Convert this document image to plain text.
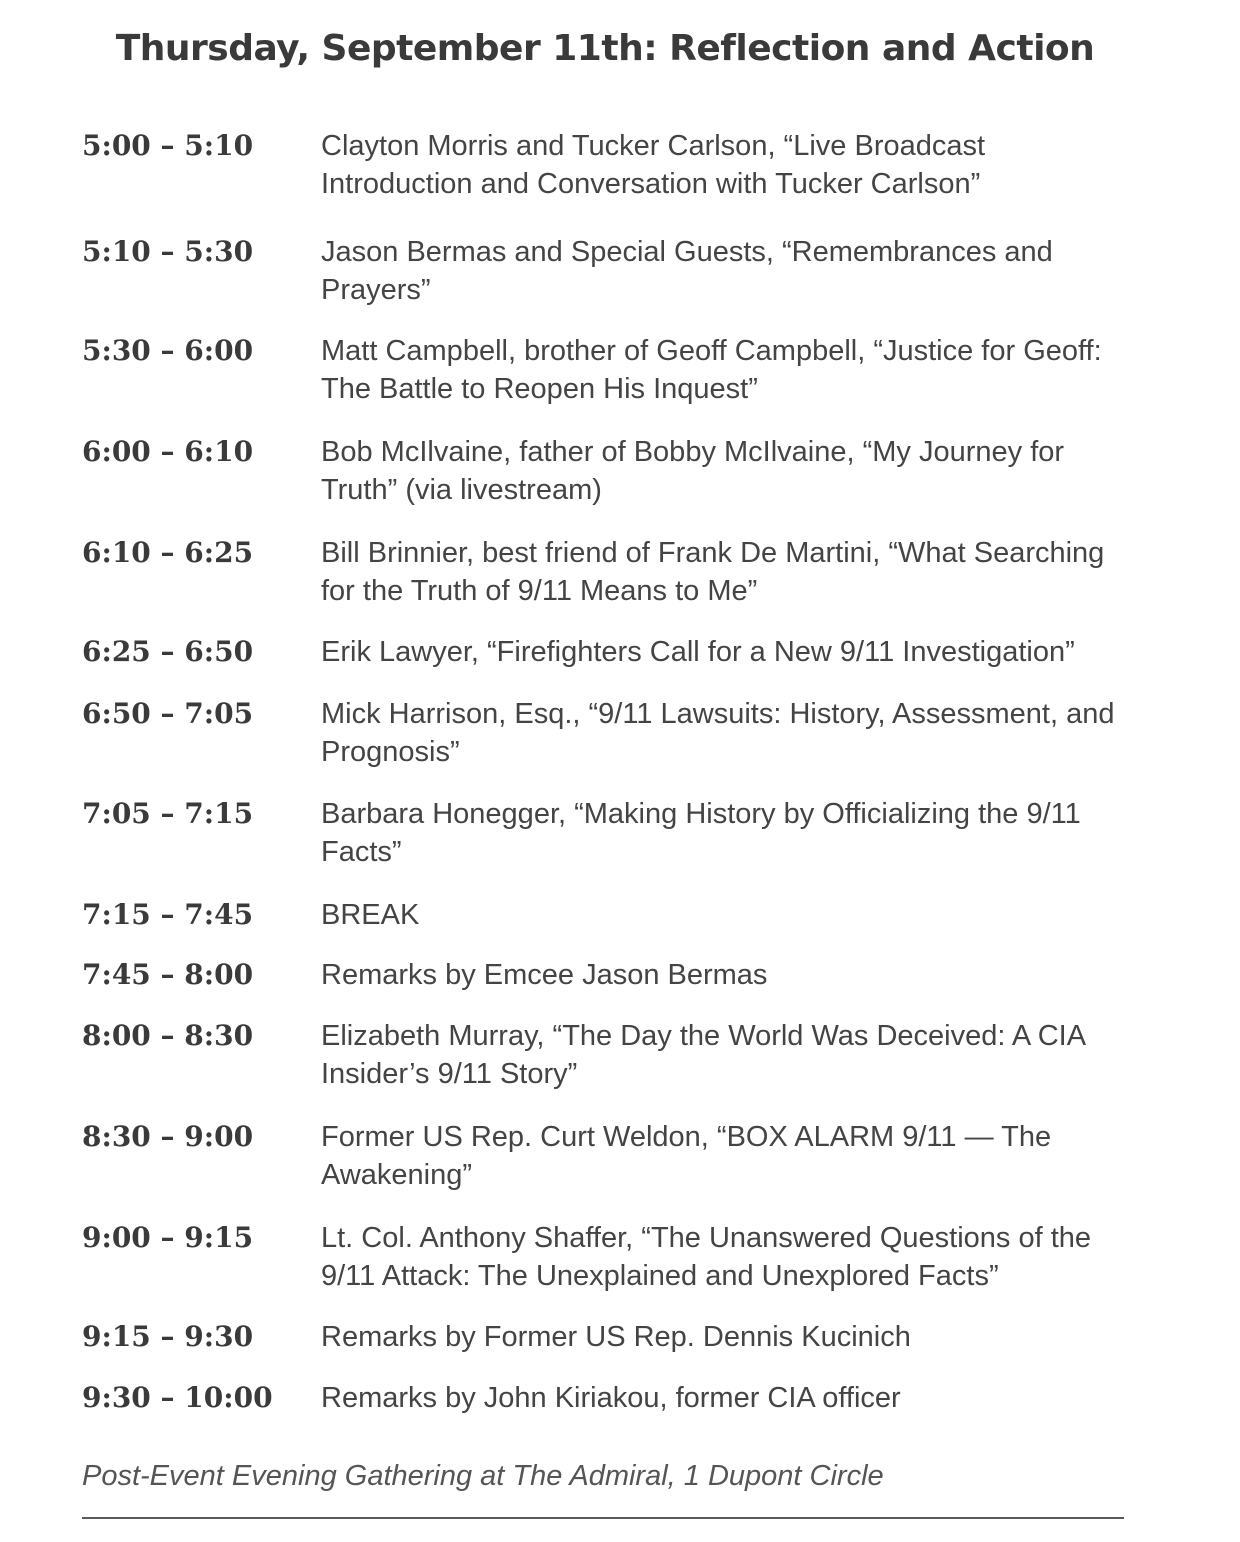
Thursday, September 11th: Reflection and Action
5:00 – 5:10	Clayton Morris and Tucker Carlson, “Live Broadcast Introduction and Conversation with Tucker Carlson”
5:10 – 5:30	Jason Bermas and Special Guests, “Remembrances and Prayers”
5:30 – 6:00	Matt Campbell, brother of Geoff Campbell, “Justice for Geoff: The Battle to Reopen His Inquest”
6:00 – 6:10	Bob McIlvaine, father of Bobby McIlvaine, “My Journey for Truth” (via livestream)
6:10 – 6:25	Bill Brinnier, best friend of Frank De Martini, “What Searching for the Truth of 9/11 Means to Me”
6:25 – 6:50	Erik Lawyer, “Firefighters Call for a New 9/11 Investigation”
6:50 – 7:05	Mick Harrison, Esq., “9/11 Lawsuits: History, Assessment, and Prognosis”
7:05 – 7:15	Barbara Honegger, “Making History by Officializing the 9/11 Facts”
7:15 – 7:45	BREAK
7:45 – 8:00	Remarks by Emcee Jason Bermas
8:00 – 8:30	Elizabeth Murray, “The Day the World Was Deceived: A CIA Insider’s 9/11 Story”
8:30 – 9:00	Former US Rep. Curt Weldon, “BOX ALARM 9/11 — The Awakening”
9:00 – 9:15	Lt. Col. Anthony Shaffer, “The Unanswered Questions of the 9/11 Attack: The Unexplained and Unexplored Facts”
9:15 – 9:30	Remarks by Former US Rep. Dennis Kucinich
9:30 – 10:00	Remarks by John Kiriakou, former CIA officer
Post-Event Evening Gathering at The Admiral, 1 Dupont Circle
